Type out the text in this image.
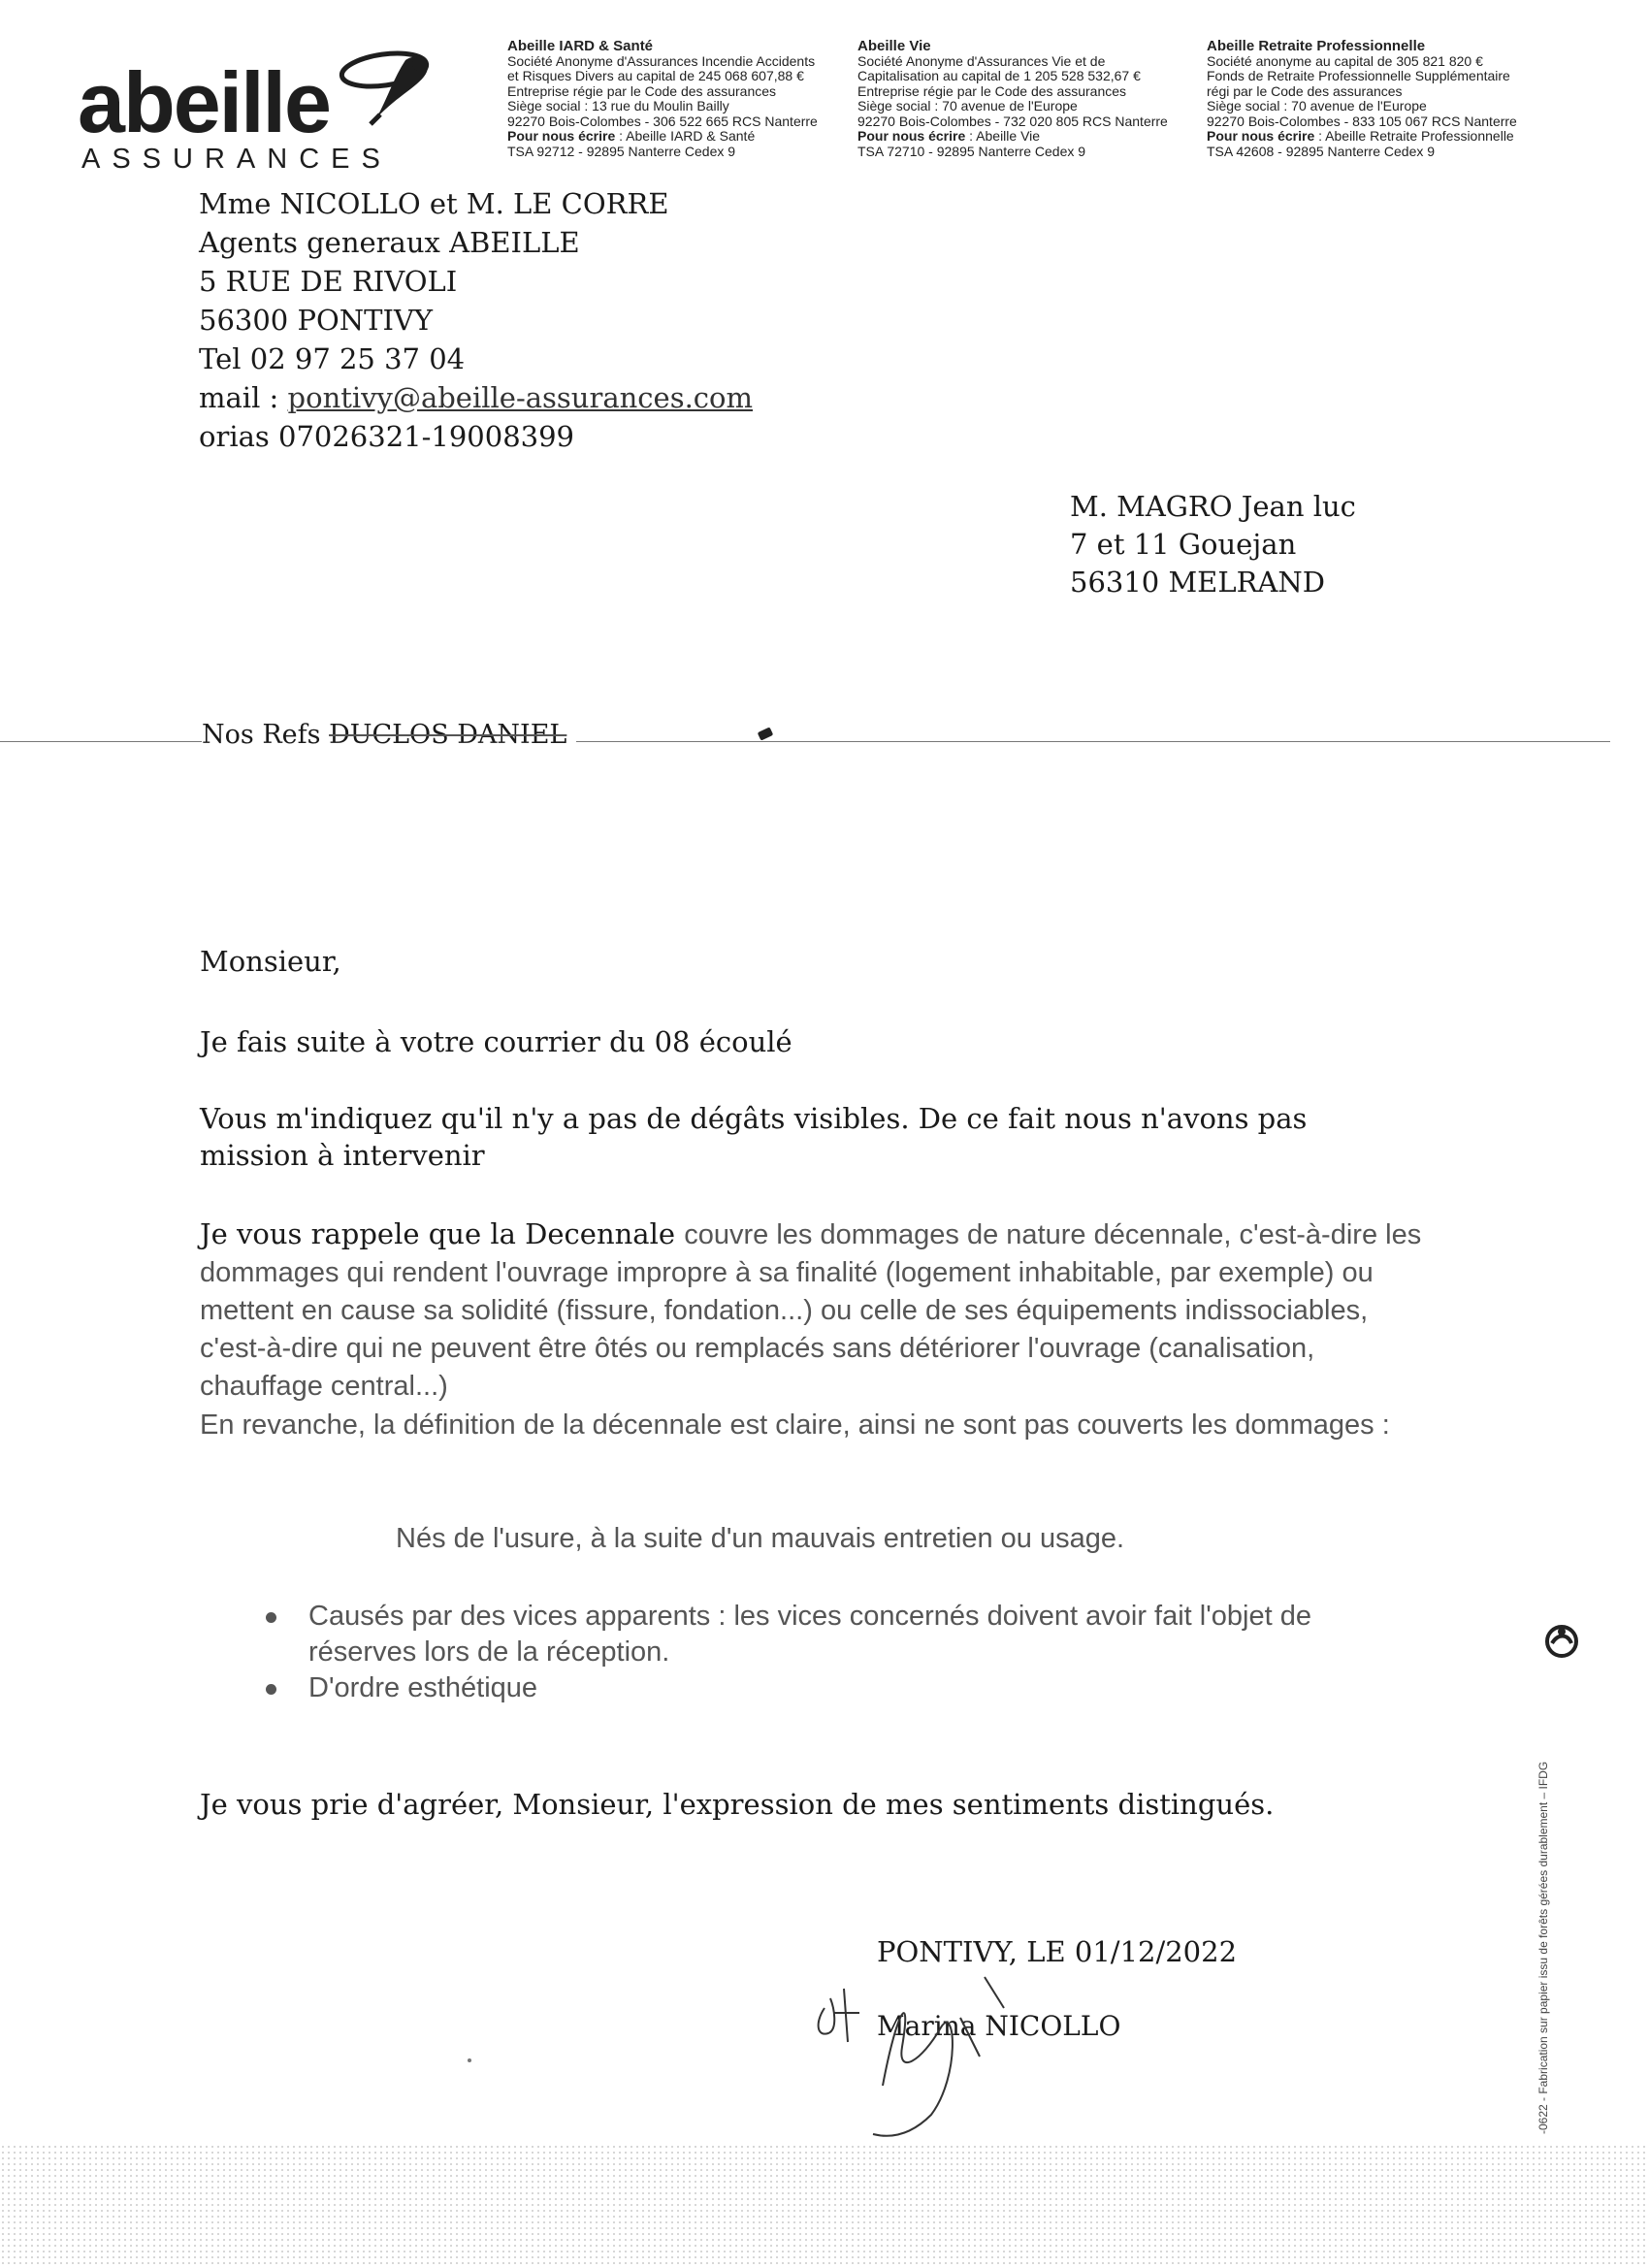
abeille
ASSURANCES
Abeille IARD & Santé
Société Anonyme d'Assurances Incendie Accidents
et Risques Divers au capital de 245 068 607,88 €
Entreprise régie par le Code des assurances
Siège social : 13 rue du Moulin Bailly
92270 Bois-Colombes - 306 522 665 RCS Nanterre
Pour nous écrire : Abeille IARD & Santé
TSA 92712 - 92895 Nanterre Cedex 9
Abeille Vie
Société Anonyme d'Assurances Vie et de
Capitalisation au capital de 1 205 528 532,67 €
Entreprise régie par le Code des assurances
Siège social : 70 avenue de l'Europe
92270 Bois-Colombes - 732 020 805 RCS Nanterre
Pour nous écrire : Abeille Vie
TSA 72710 - 92895 Nanterre Cedex 9
Abeille Retraite Professionnelle
Société anonyme au capital de 305 821 820 €
Fonds de Retraite Professionnelle Supplémentaire
régi par le Code des assurances
Siège social : 70 avenue de l'Europe
92270 Bois-Colombes - 833 105 067 RCS Nanterre
Pour nous écrire : Abeille Retraite Professionnelle
TSA 42608 - 92895 Nanterre Cedex 9
Mme NICOLLO et M. LE CORRE
Agents generaux ABEILLE
5 RUE DE RIVOLI
56300 PONTIVY
Tel 02 97 25 37 04
mail : pontivy@abeille-assurances.com
orias 07026321-19008399
M. MAGRO Jean luc
7 et 11 Gouejan
56310 MELRAND
Nos Refs DUCLOS DANIEL
Monsieur,
Je fais suite à votre courrier du 08 écoulé
Vous m'indiquez qu'il n'y a pas de dégâts visibles. De ce fait nous n'avons pas mission à intervenir
Je vous rappele que la Decennale couvre les dommages de nature décennale, c'est-à-dire les dommages qui rendent l'ouvrage impropre à sa finalité (logement inhabitable, par exemple) ou mettent en cause sa solidité (fissure, fondation...) ou celle de ses équipements indissociables, c'est-à-dire qui ne peuvent être ôtés ou remplacés sans détériorer l'ouvrage (canalisation, chauffage central...)
En revanche, la définition de la décennale est claire, ainsi ne sont pas couverts les dommages :
Nés de l'usure, à la suite d'un mauvais entretien ou usage.
Causés par des vices apparents : les vices concernés doivent avoir fait l'objet de réserves lors de la réception.
D'ordre esthétique
Je vous prie d'agréer, Monsieur, l'expression de mes sentiments distingués.
PONTIVY, LE 01/12/2022
Marina NICOLLO	-0622 - Fabrication sur papier issu de forêts gérées durablement – IFDG
